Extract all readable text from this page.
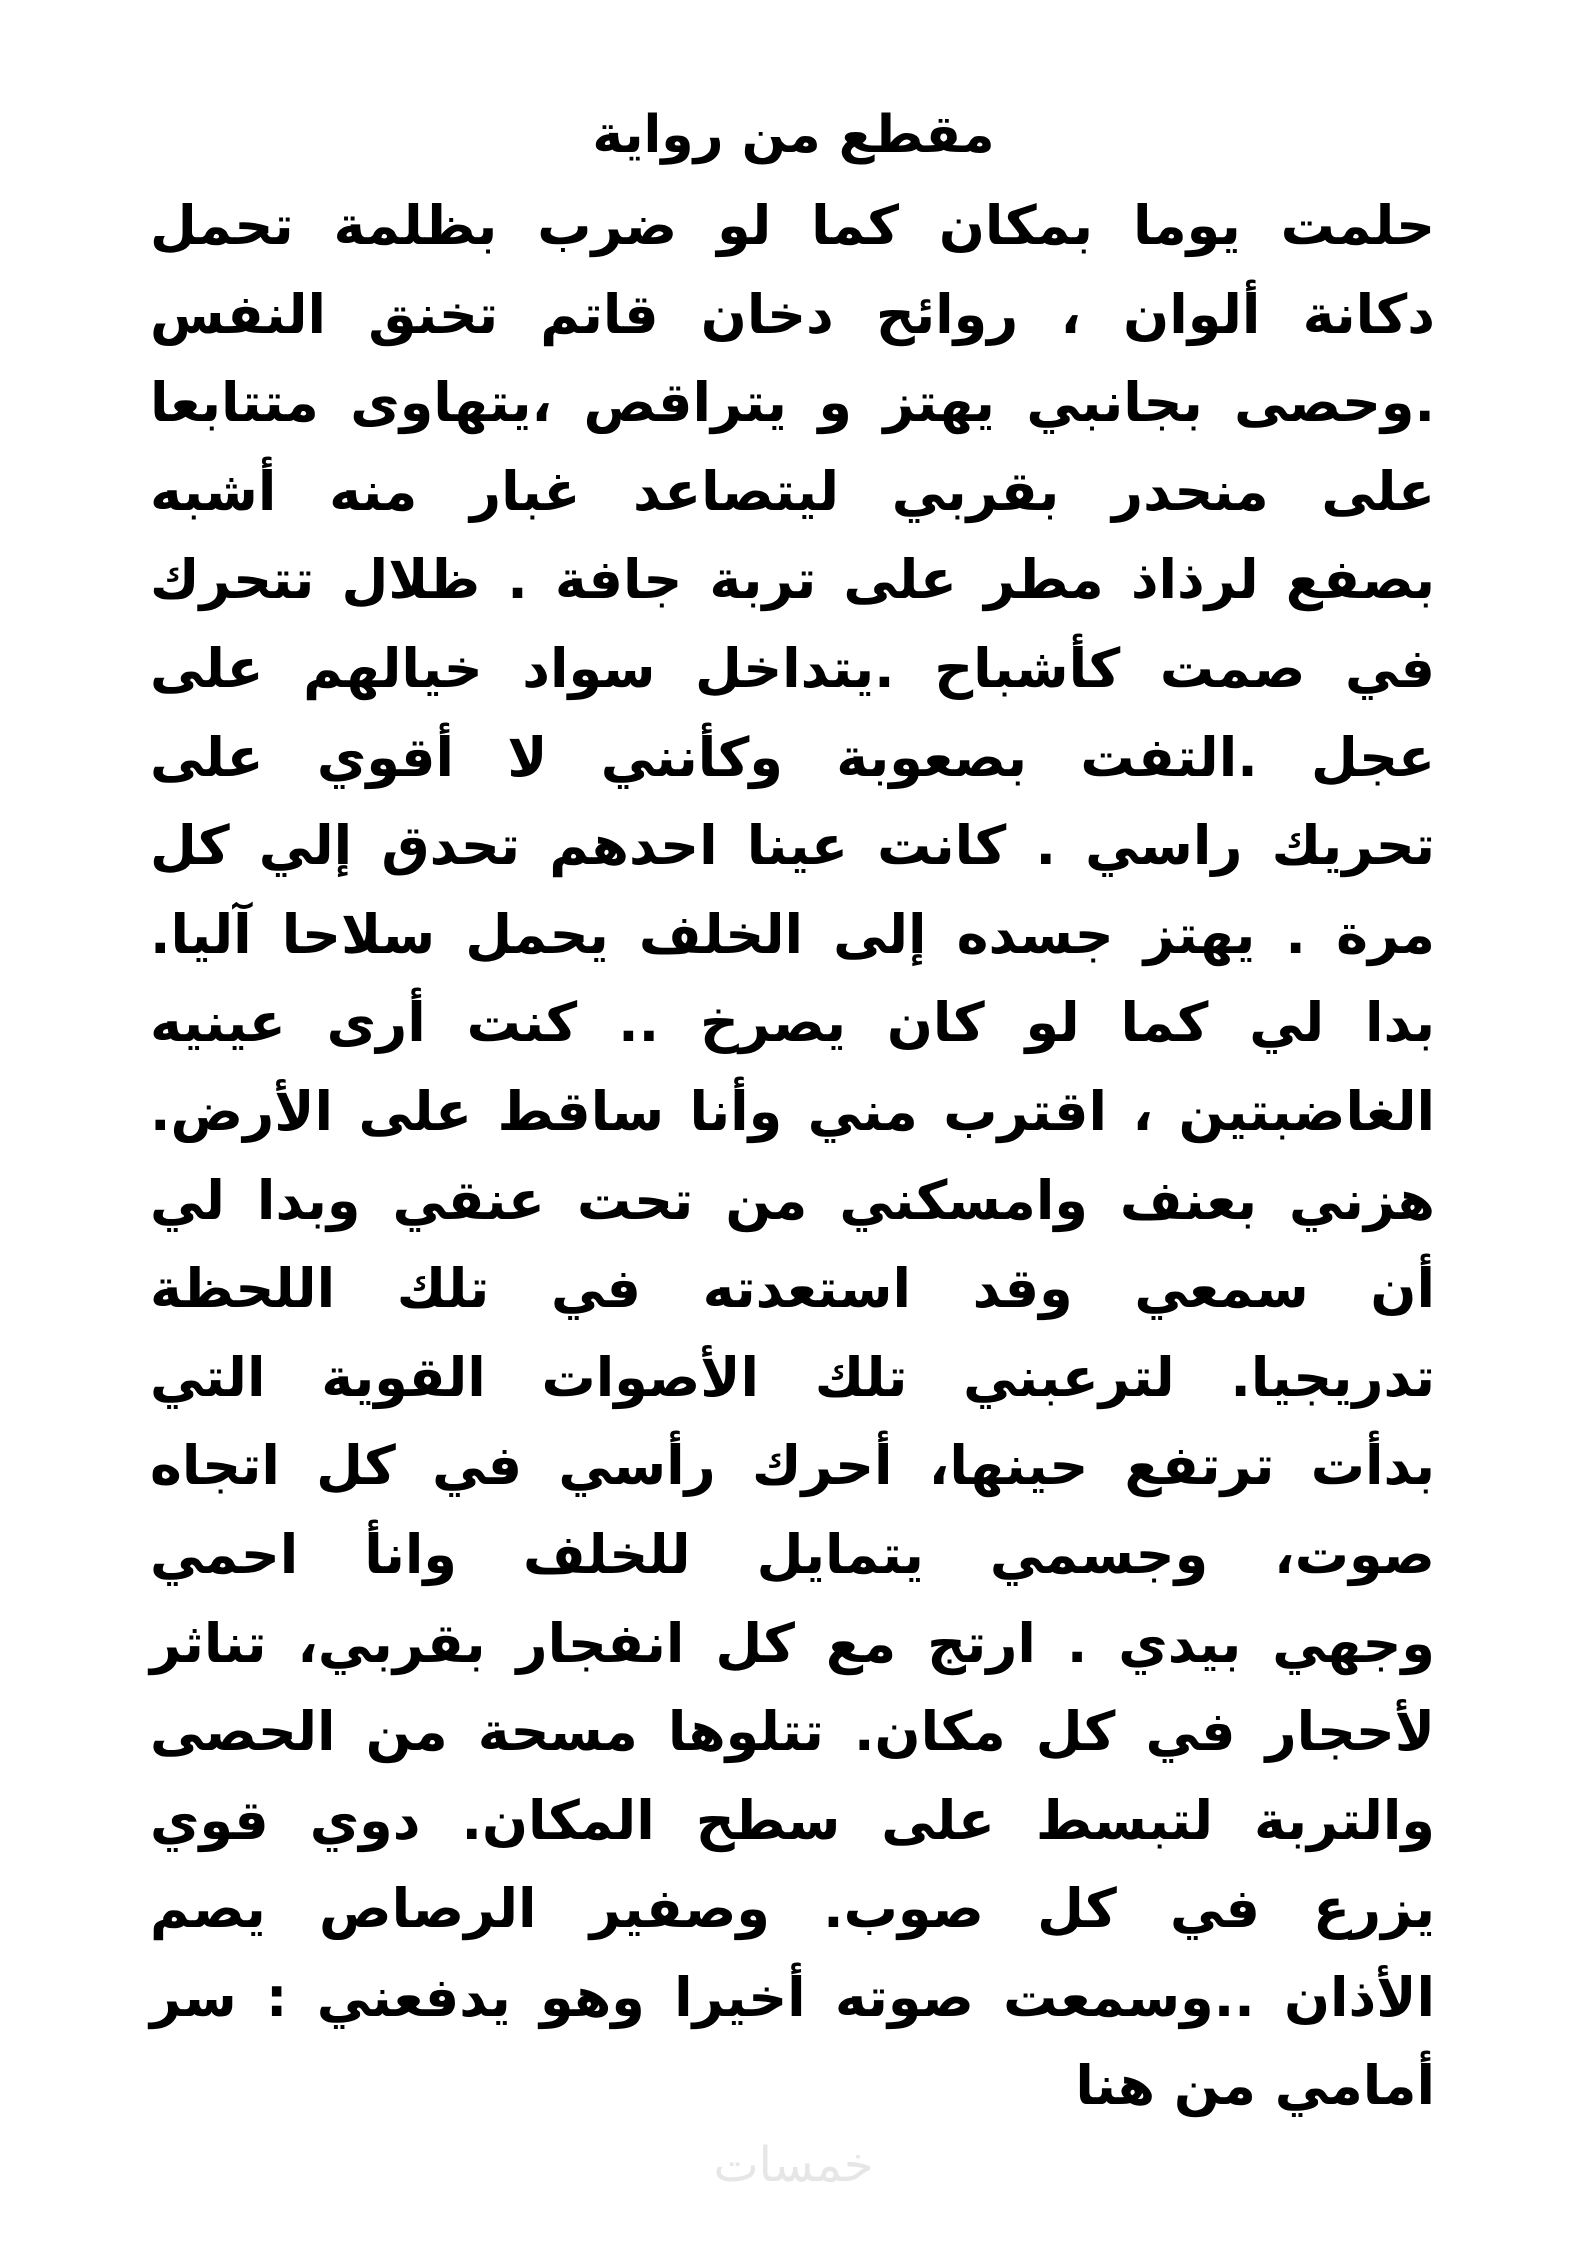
مقطع من رواية
حلمت يوما بمكان كما لو ضرب بظلمة تحمل
دكانة ألوان ، روائح دخان قاتم تخنق النفس
.وحصى بجانبي يهتز و يتراقص ،يتهاوى متتابعا
على منحدر بقربي ليتصاعد غبار منه أشبه
بصفع لرذاذ مطر على تربة جافة . ظلال تتحرك
في صمت كأشباح .يتداخل سواد خيالهم على
عجل .التفت بصعوبة وكأنني لا أقوي على
تحريك راسي . كانت عينا احدهم تحدق إلي كل
مرة . يهتز جسده إلى الخلف يحمل سلاحا آليا.
بدا لي كما لو كان يصرخ .. كنت أرى عينيه
الغاضبتين ، اقترب مني وأنا ساقط على الأرض.
هزني بعنف وامسكني من تحت عنقي وبدا لي
أن سمعي وقد استعدته في تلك اللحظة
تدريجيا. لترعبني تلك الأصوات القوية التي
بدأت ترتفع حينها، أحرك رأسي في كل اتجاه
صوت، وجسمي يتمايل للخلف وانأ احمي
وجهي بيدي . ارتج مع كل انفجار بقربي، تناثر
لأحجار في كل مكان. تتلوها مسحة من الحصى
والتربة لتبسط على سطح المكان. دوي قوي
يزرع في كل صوب. وصفير الرصاص يصم
الأذان ..وسمعت صوته أخيرا وهو يدفعني : سر
أمامي من هنا
خمسات
